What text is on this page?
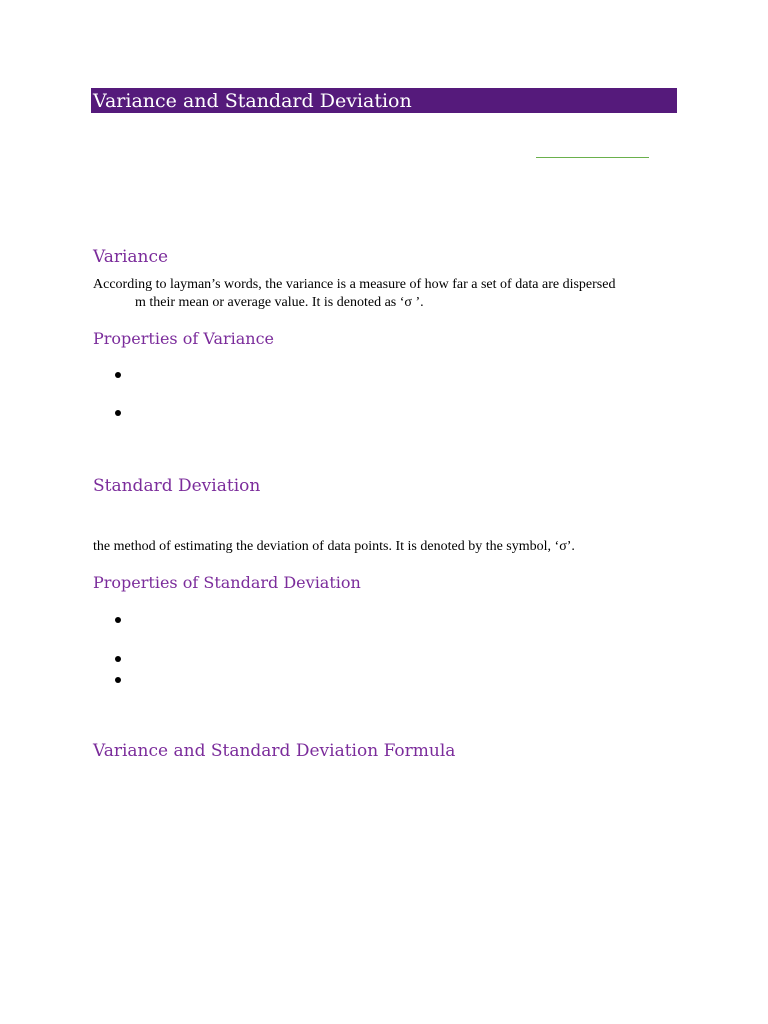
Variance and Standard Deviation
Variance
According to layman’s words, the variance is a measure of how far a set of data are dispersed
m their mean or average value. It is denoted as ‘σ ’.
Properties of Variance
Standard Deviation
the method of estimating the deviation of data points. It is denoted by the symbol, ‘σ’.
Properties of Standard Deviation
Variance and Standard Deviation Formula
